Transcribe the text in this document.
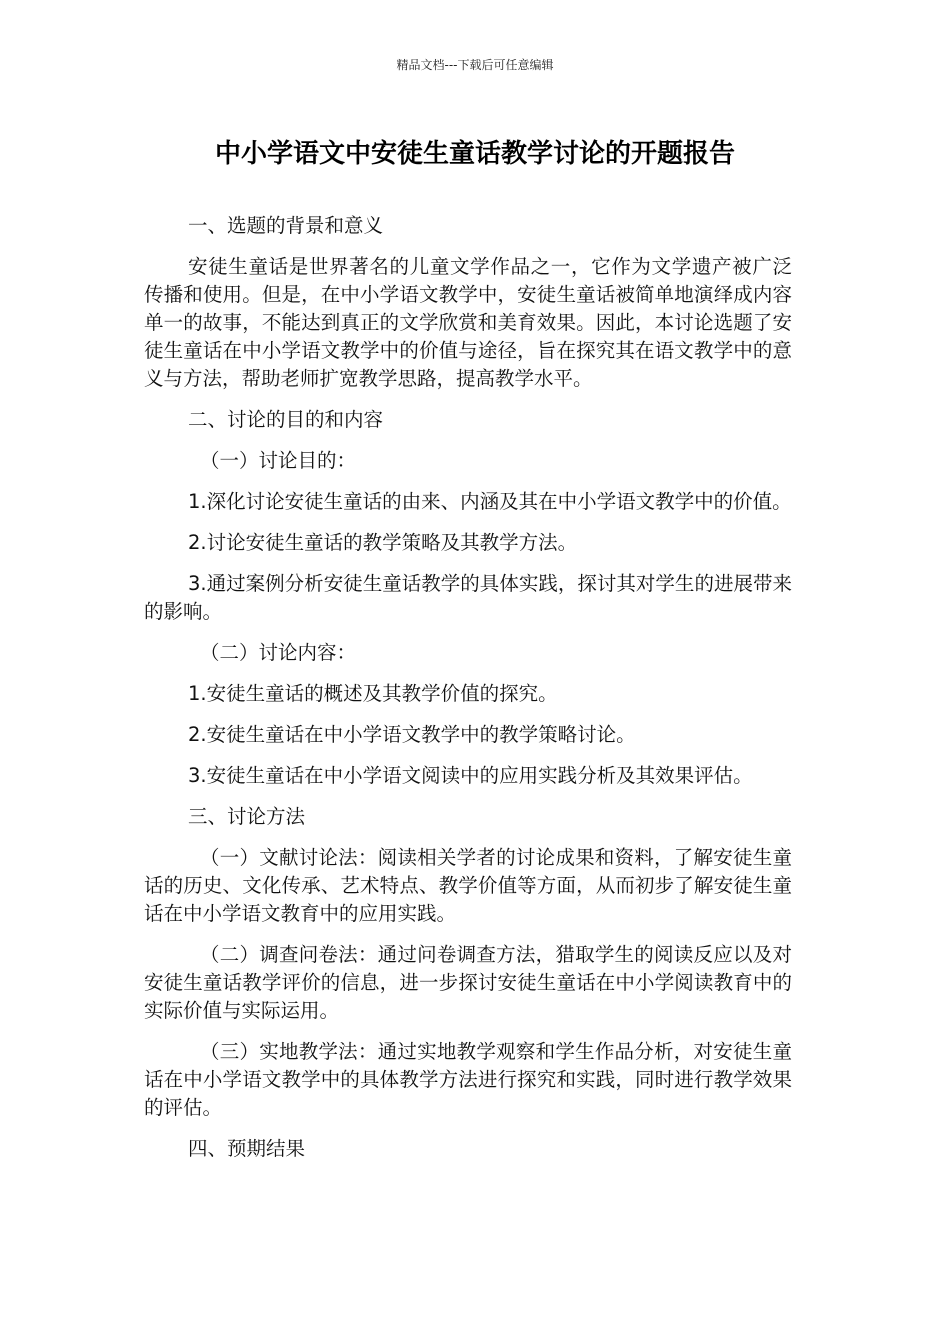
精品文档---下载后可任意编辑
中小学语文中安徒生童话教学讨论的开题报告

一、选题的背景和意义

安徒生童话是世界著名的儿童文学作品之一，它作为文学遗产被广泛传播和使用。但是，在中小学语文教学中，安徒生童话被简单地演绎成内容单一的故事，不能达到真正的文学欣赏和美育效果。因此，本讨论选题了安徒生童话在中小学语文教学中的价值与途径，旨在探究其在语文教学中的意义与方法，帮助老师扩宽教学思路，提高教学水平。

二、讨论的目的和内容

（一）讨论目的：

1.深化讨论安徒生童话的由来、内涵及其在中小学语文教学中的价值。

2.讨论安徒生童话的教学策略及其教学方法。

3.通过案例分析安徒生童话教学的具体实践，探讨其对学生的进展带来的影响。

（二）讨论内容：

1.安徒生童话的概述及其教学价值的探究。

2.安徒生童话在中小学语文教学中的教学策略讨论。

3.安徒生童话在中小学语文阅读中的应用实践分析及其效果评估。

三、讨论方法

（一）文献讨论法：阅读相关学者的讨论成果和资料，了解安徒生童话的历史、文化传承、艺术特点、教学价值等方面，从而初步了解安徒生童话在中小学语文教育中的应用实践。

（二）调查问卷法：通过问卷调查方法，猎取学生的阅读反应以及对安徒生童话教学评价的信息，进一步探讨安徒生童话在中小学阅读教育中的实际价值与实际运用。

（三）实地教学法：通过实地教学观察和学生作品分析，对安徒生童话在中小学语文教学中的具体教学方法进行探究和实践，同时进行教学效果的评估。

四、预期结果
